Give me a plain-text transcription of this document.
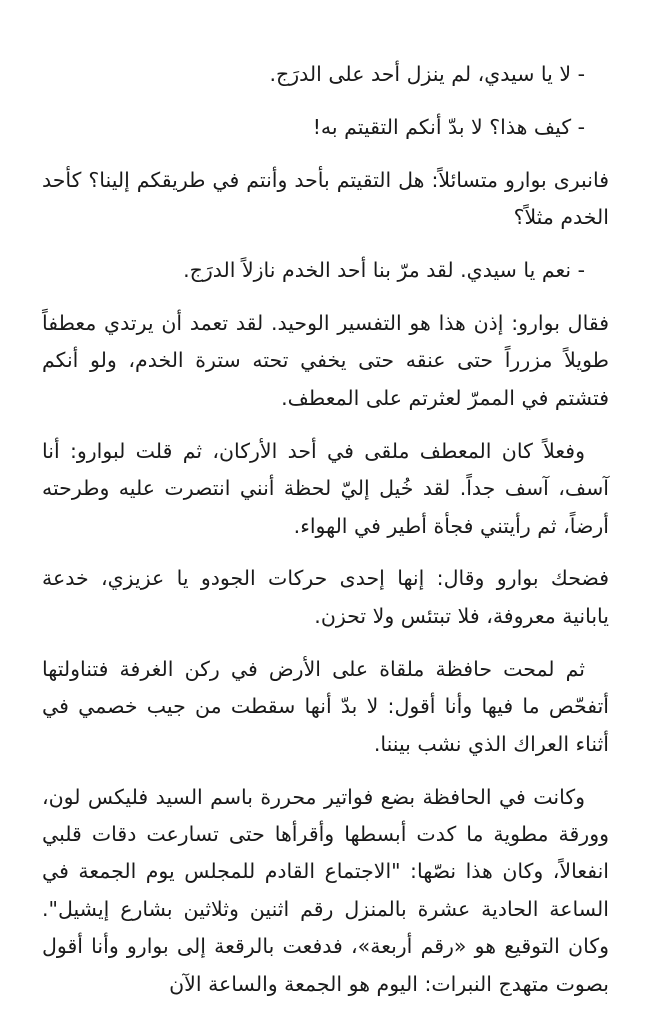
- لا يا سيدي، لم ينزل أحد على الدرَج.

- كيف هذا؟ لا بدّ أنكم التقيتم به!

فانبرى بوارو متسائلاً: هل التقيتم بأحد وأنتم في طريقكم إلينا؟ كأحد الخدم مثلاً؟

- نعم يا سيدي. لقد مرّ بنا أحد الخدم نازلاً الدرَج.

فقال بوارو: إذن هذا هو التفسير الوحيد. لقد تعمد أن يرتدي معطفاً طويلاً مزرراً حتى عنقه حتى يخفي تحته سترة الخدم، ولو أنكم فتشتم في الممرّ لعثرتم على المعطف.

وفعلاً كان المعطف ملقى في أحد الأركان، ثم قلت لبوارو: أنا آسف، آسف جداً. لقد خُيل إليّ لحظة أنني انتصرت عليه وطرحته أرضاً، ثم رأيتني فجأة أطير في الهواء.

فضحك بوارو وقال: إنها إحدى حركات الجودو يا عزيزي، خدعة يابانية معروفة، فلا تبتئس ولا تحزن.

ثم لمحت حافظة ملقاة على الأرض في ركن الغرفة فتناولتها أتفحّص ما فيها وأنا أقول: لا بدّ أنها سقطت من جيب خصمي في أثناء العراك الذي نشب بيننا.

وكانت في الحافظة بضع فواتير محررة باسم السيد فليكس لون، وورقة مطوية ما كدت أبسطها وأقرأها حتى تسارعت دقات قلبي انفعالاً، وكان هذا نصّها: "الاجتماع القادم للمجلس يوم الجمعة في الساعة الحادية عشرة بالمنزل رقم اثنين وثلاثين بشارع إيشيل". وكان التوقيع هو «رقم أربعة»، فدفعت بالرقعة إلى بوارو وأنا أقول بصوت متهدج النبرات: اليوم هو الجمعة والساعة الآن
